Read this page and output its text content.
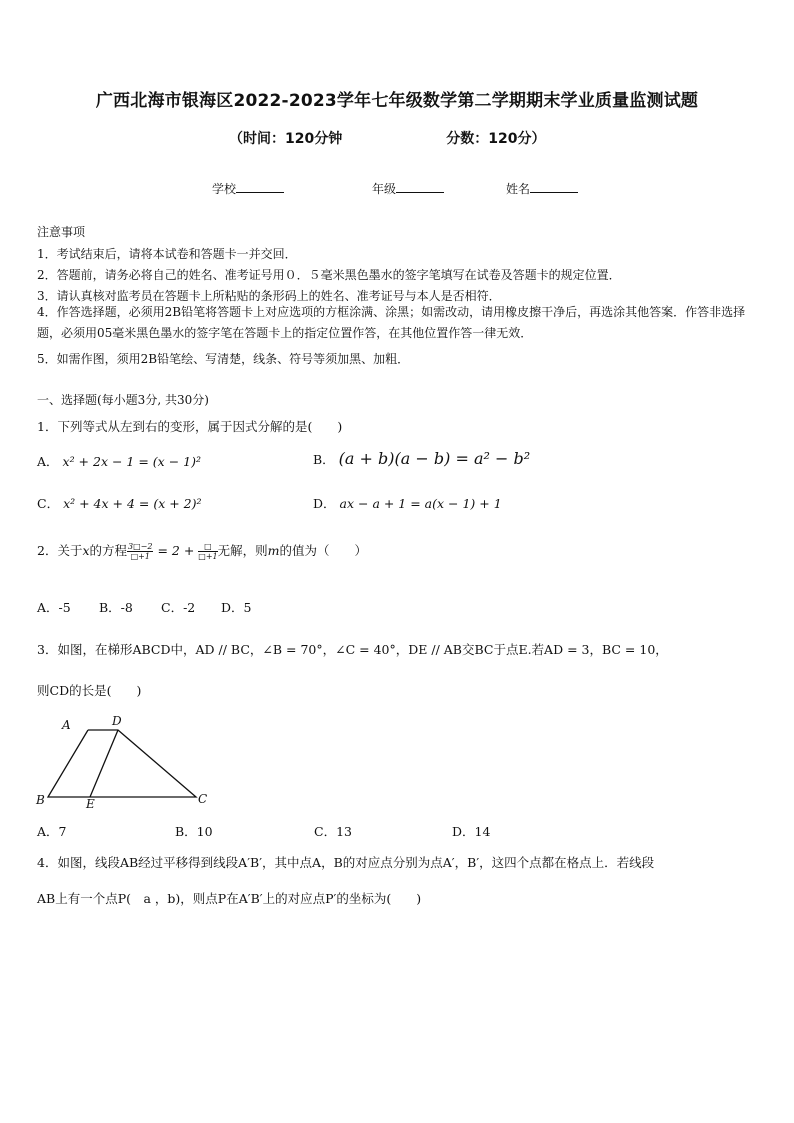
广西北海市银海区2022-2023学年七年级数学第二学期期末学业质量监测试题
（时间：120分钟	分数：120分）
学校	年级	姓名
注意事项
1．考试结束后，请将本试卷和答题卡一并交回．
2．答题前，请务必将自己的姓名、准考证号用０．５毫米黑色墨水的签字笔填写在试卷及答题卡的规定位置．
3．请认真核对监考员在答题卡上所粘贴的条形码上的姓名、准考证号与本人是否相符．
4．作答选择题，必须用2B铅笔将答题卡上对应选项的方框涂满、涂黑；如需改动，请用橡皮擦干净后，再选涂其他答案．作答非选择题，必须用05毫米黑色墨水的签字笔在答题卡上的指定位置作答，在其他位置作答一律无效．
5．如需作图，须用2B铅笔绘、写清楚，线条、符号等须加黑、加粗．
一、选择题(每小题3分, 共30分)
1．下列等式从左到右的变形，属于因式分解的是(　　)
A． x² + 2x − 1 = (x − 1)²	B． (a + b)(a − b) = a² − b²
C． x² + 4x + 4 = (x + 2)²	D． ax − a + 1 = a(x − 1) + 1
2．关于x的方程 $\frac{3□-2}{□+1} = 2 + \frac{□}{□+1}$ 无解，则m的值为（　　）
A．-5 B．-8 C．-2 D．5
3．如图，在梯形ABCD中，AD // BC，∠B = 70°，∠C = 40°，DE // AB交BC于点E.若AD = 3，BC = 10，
则CD的长是(　　)
A	D
B	E	C
A．7	B．10	C．13	D．14
4．如图，线段AB经过平移得到线段A′B′，其中点A，B的对应点分别为点A′，B′，这四个点都在格点上．若线段
AB上有一个点P(　a ，b)，则点P在A′B′上的对应点P′的坐标为(　　)
